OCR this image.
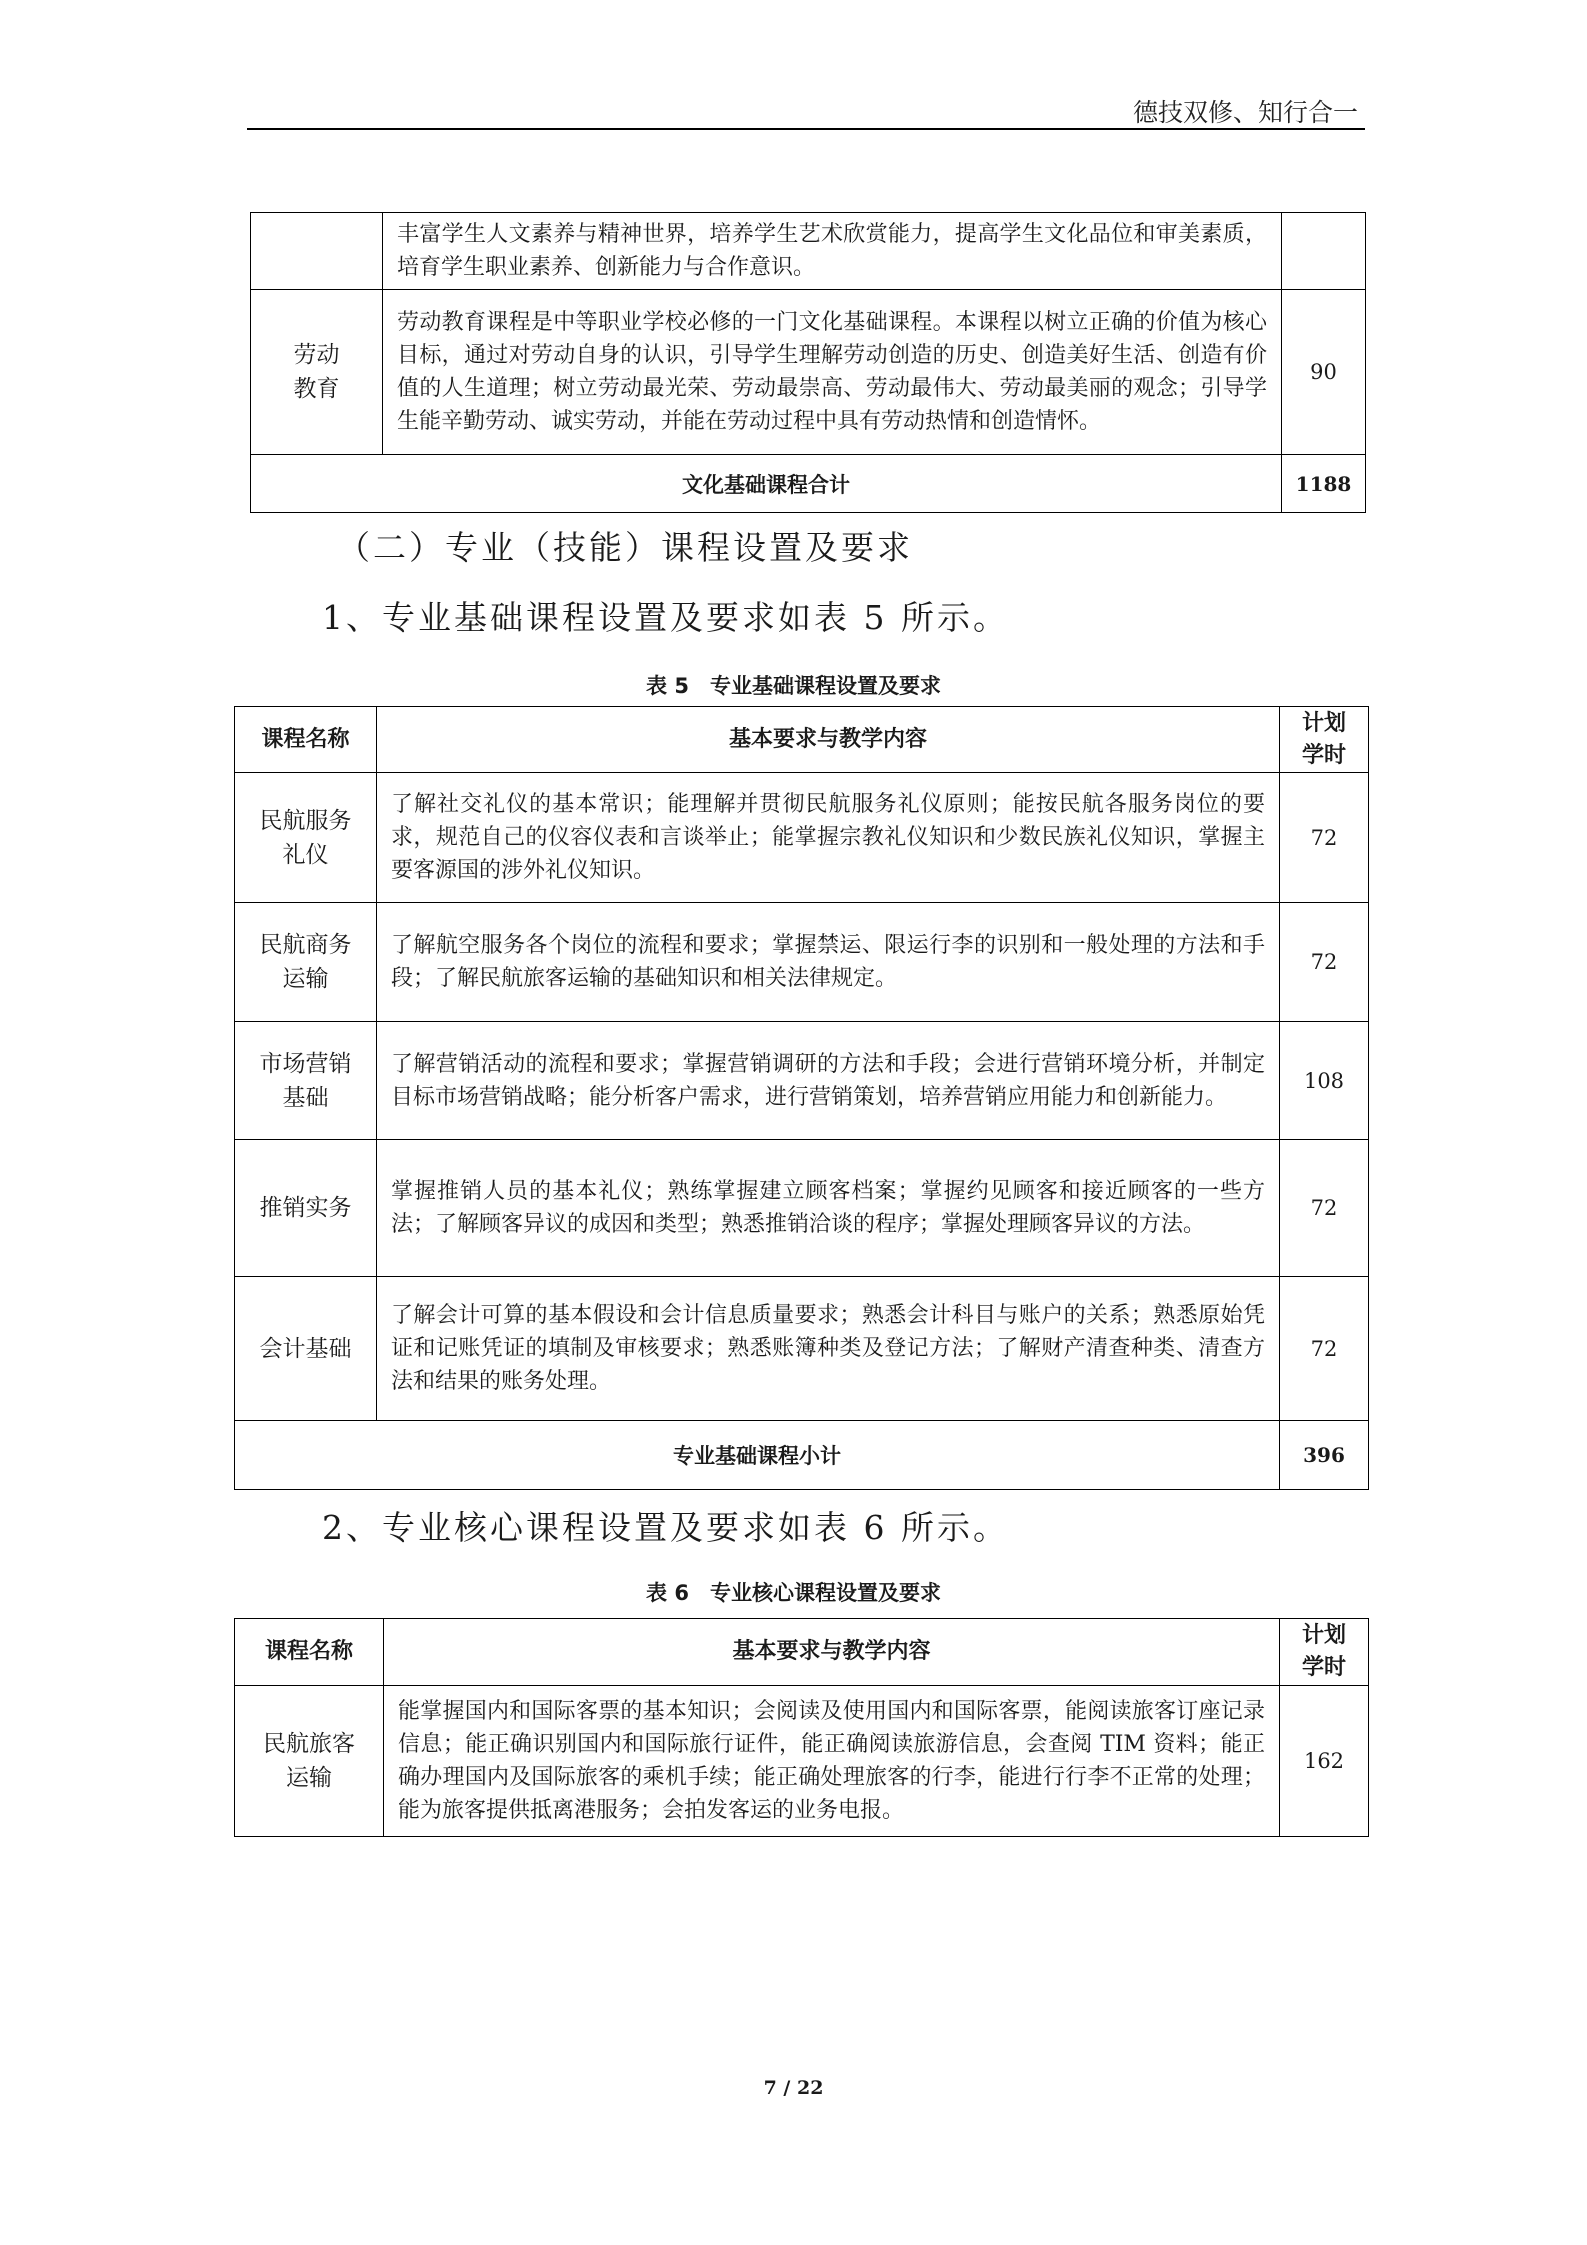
德技双修、知行合一
	丰富学生人文素养与精神世界，培养学生艺术欣赏能力，提高学生文化品位和审美素质，培育学生职业素养、创新能力与合作意识。	
劳动
教育	劳动教育课程是中等职业学校必修的一门文化基础课程。本课程以树立正确的价值为核心目标，通过对劳动自身的认识，引导学生理解劳动创造的历史、创造美好生活、创造有价值的人生道理；树立劳动最光荣、劳动最崇高、劳动最伟大、劳动最美丽的观念；引导学生能辛勤劳动、诚实劳动，并能在劳动过程中具有劳动热情和创造情怀。	90
文化基础课程合计		1188
（二）专业（技能）课程设置及要求
1、专业基础课程设置及要求如表 5 所示。
表 5　专业基础课程设置及要求
课程名称	基本要求与教学内容	计划
学时
民航服务
礼仪	了解社交礼仪的基本常识；能理解并贯彻民航服务礼仪原则；能按民航各服务岗位的要求，规范自己的仪容仪表和言谈举止；能掌握宗教礼仪知识和少数民族礼仪知识，掌握主要客源国的涉外礼仪知识。	72
民航商务
运输	了解航空服务各个岗位的流程和要求；掌握禁运、限运行李的识别和一般处理的方法和手段；了解民航旅客运输的基础知识和相关法律规定。	72
市场营销
基础	了解营销活动的流程和要求；掌握营销调研的方法和手段；会进行营销环境分析，并制定目标市场营销战略；能分析客户需求，进行营销策划，培养营销应用能力和创新能力。	108
推销实务	掌握推销人员的基本礼仪；熟练掌握建立顾客档案；掌握约见顾客和接近顾客的一些方法；了解顾客异议的成因和类型；熟悉推销洽谈的程序；掌握处理顾客异议的方法。	72
会计基础	了解会计可算的基本假设和会计信息质量要求；熟悉会计科目与账户的关系；熟悉原始凭证和记账凭证的填制及审核要求；熟悉账簿种类及登记方法；了解财产清查种类、清查方法和结果的账务处理。	72
专业基础课程小计		396
2、专业核心课程设置及要求如表 6 所示。
表 6　专业核心课程设置及要求
课程名称	基本要求与教学内容	计划
学时
民航旅客
运输	能掌握国内和国际客票的基本知识；会阅读及使用国内和国际客票，能阅读旅客订座记录信息；能正确识别国内和国际旅行证件，能正确阅读旅游信息，会查阅 TIM 资料；能正确办理国内及国际旅客的乘机手续；能正确处理旅客的行李，能进行行李不正常的处理；能为旅客提供抵离港服务；会拍发客运的业务电报。	162
7 / 22
